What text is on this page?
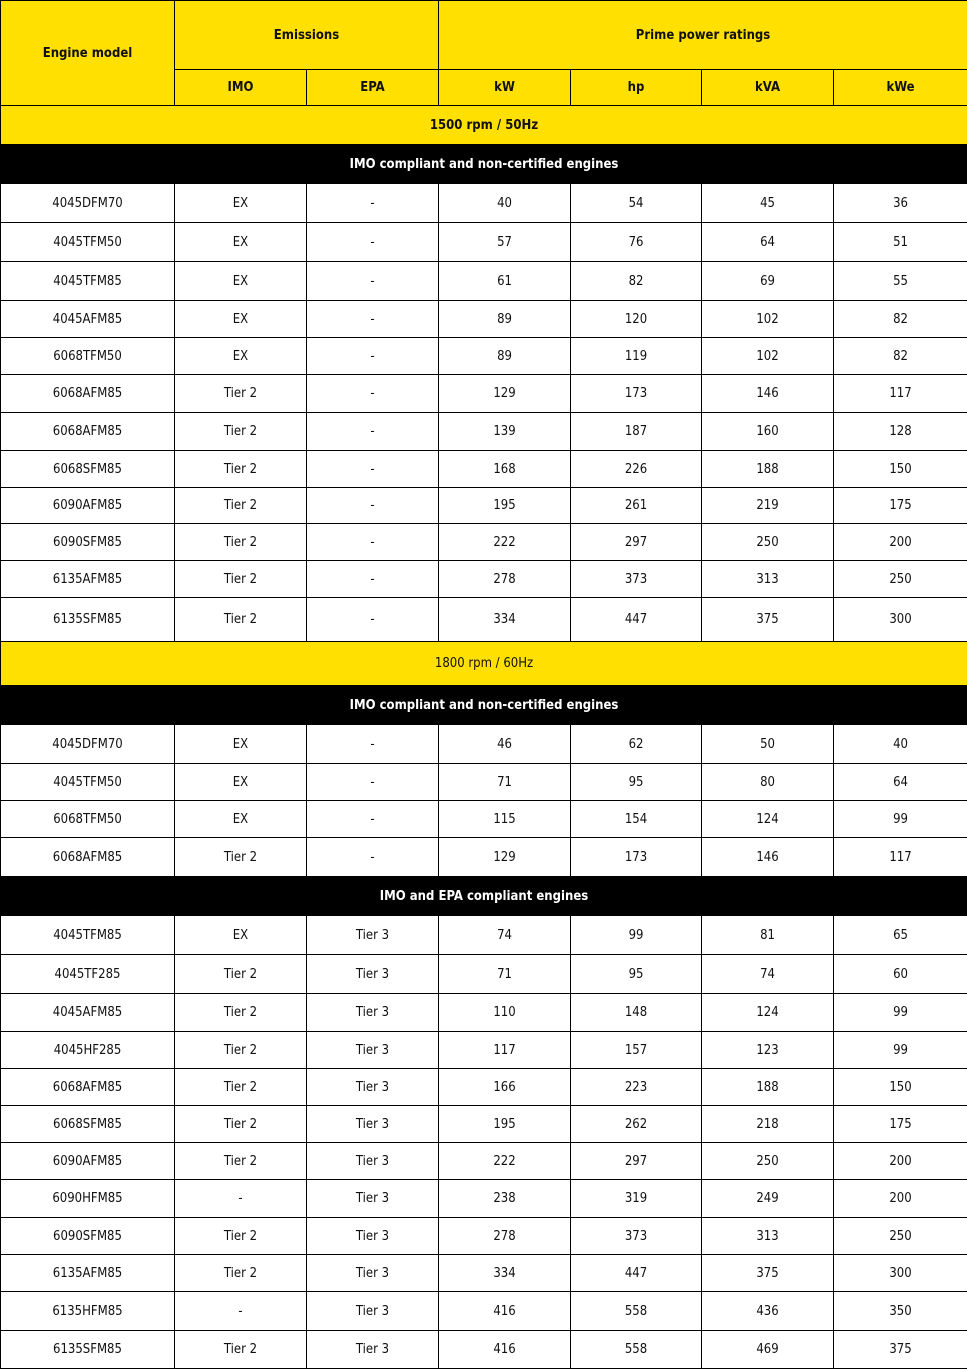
Engine model	Emissions		Prime power ratings			
	IMO	EPA	kW	hp	kVA	kWe
1500 rpm / 50Hz						
IMO compliant and non-certified engines						
4045DFM70	EX	-	40	54	45	36
4045TFM50	EX	-	57	76	64	51
4045TFM85	EX	-	61	82	69	55
4045AFM85	EX	-	89	120	102	82
6068TFM50	EX	-	89	119	102	82
6068AFM85	Tier 2	-	129	173	146	117
6068AFM85	Tier 2	-	139	187	160	128
6068SFM85	Tier 2	-	168	226	188	150
6090AFM85	Tier 2	-	195	261	219	175
6090SFM85	Tier 2	-	222	297	250	200
6135AFM85	Tier 2	-	278	373	313	250
6135SFM85	Tier 2	-	334	447	375	300
1800 rpm / 60Hz						
IMO compliant and non-certified engines						
4045DFM70	EX	-	46	62	50	40
4045TFM50	EX	-	71	95	80	64
6068TFM50	EX	-	115	154	124	99
6068AFM85	Tier 2	-	129	173	146	117
IMO and EPA compliant engines						
4045TFM85	EX	Tier 3	74	99	81	65
4045TF285	Tier 2	Tier 3	71	95	74	60
4045AFM85	Tier 2	Tier 3	110	148	124	99
4045HF285	Tier 2	Tier 3	117	157	123	99
6068AFM85	Tier 2	Tier 3	166	223	188	150
6068SFM85	Tier 2	Tier 3	195	262	218	175
6090AFM85	Tier 2	Tier 3	222	297	250	200
6090HFM85	-	Tier 3	238	319	249	200
6090SFM85	Tier 2	Tier 3	278	373	313	250
6135AFM85	Tier 2	Tier 3	334	447	375	300
6135HFM85	-	Tier 3	416	558	436	350
6135SFM85	Tier 2	Tier 3	416	558	469	375
